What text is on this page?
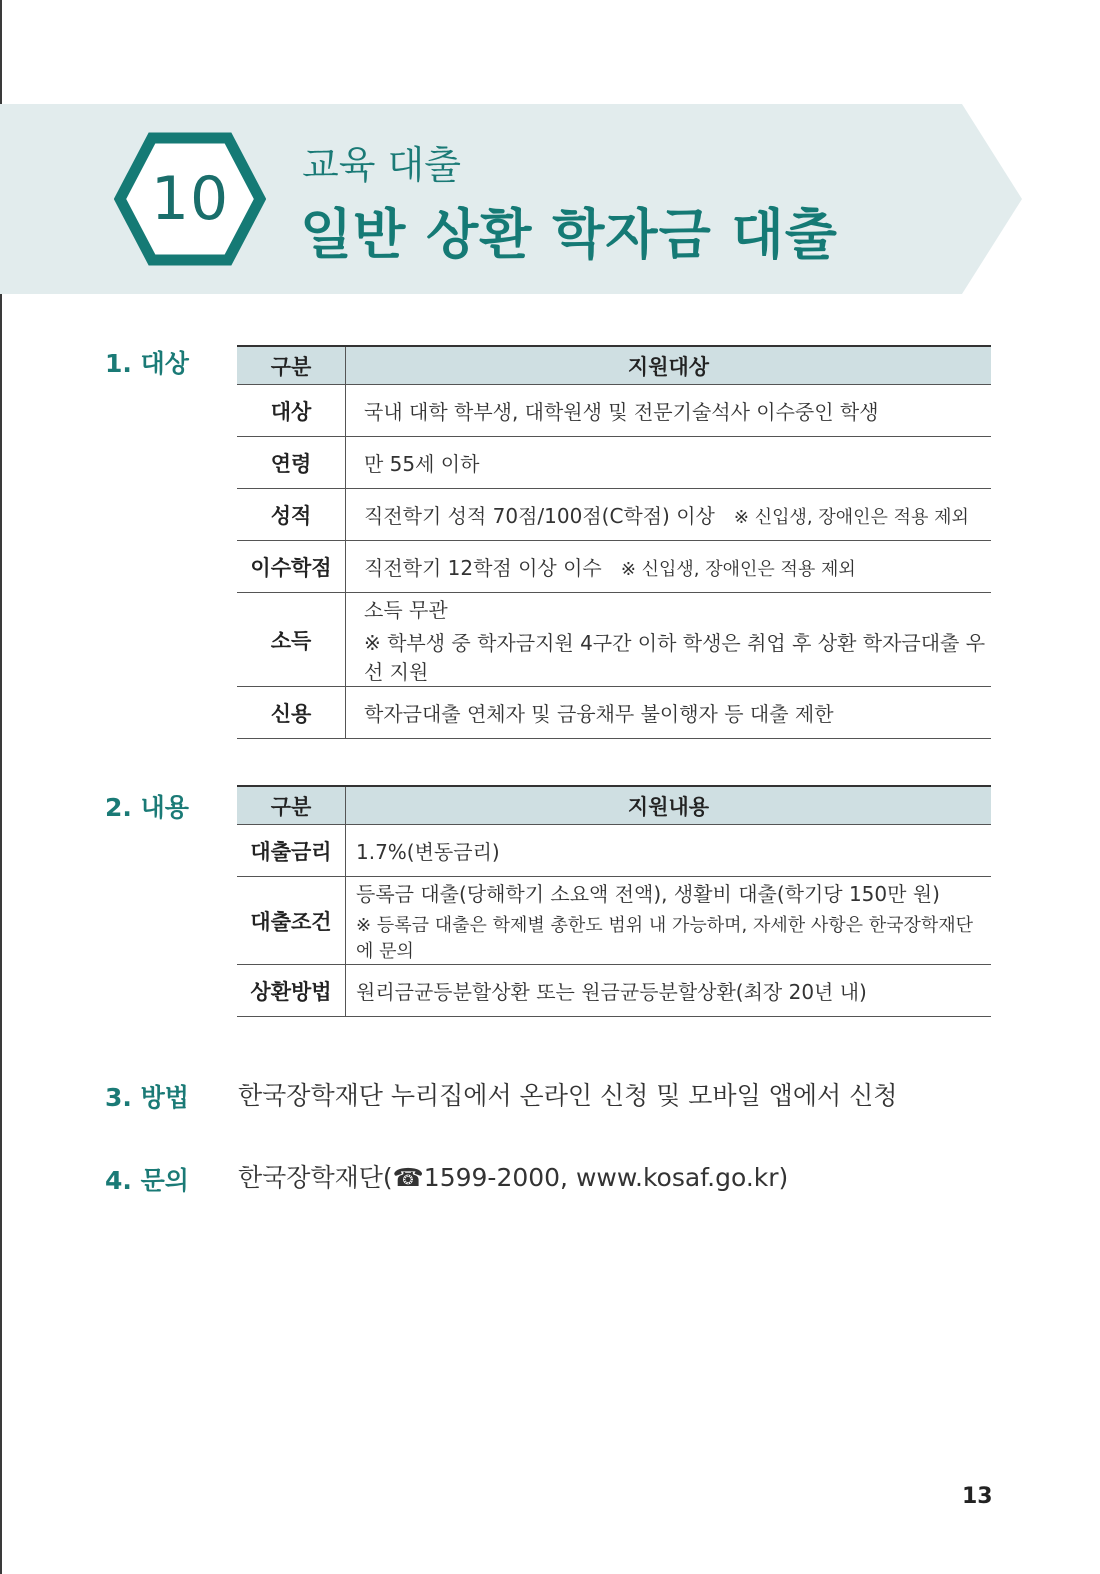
10	교육 대출
일반 상환 학자금 대출
1. 대상	구분	지원대상
대상	국내 대학 학부생, 대학원생 및 전문기술석사 이수중인 학생
연령	만 55세 이하
성적	직전학기 성적 70점/100점(C학점) 이상 ※ 신입생, 장애인은 적용 제외
이수학점	직전학기 12학점 이상 이수 ※ 신입생, 장애인은 적용 제외
소득	소득 무관
※ 학부생 중 학자금지원 4구간 이하 학생은 취업 후 상환 학자금대출 우선 지원

신용	학자금대출 연체자 및 금융채무 불이행자 등 대출 제한
2. 내용	구분	지원내용
대출금리	1.7%(변동금리)
대출조건	등록금 대출(당해학기 소요액 전액), 생활비 대출(학기당 150만 원)
※ 등록금 대출은 학제별 총한도 범위 내 가능하며, 자세한 사항은 한국장학재단에 문의

상환방법	원리금균등분할상환 또는 원금균등분할상환(최장 20년 내)
3. 방법 한국장학재단 누리집에서 온라인 신청 및 모바일 앱에서 신청
4. 문의 한국장학재단(☎1599-2000, www.kosaf.go.kr)
13
